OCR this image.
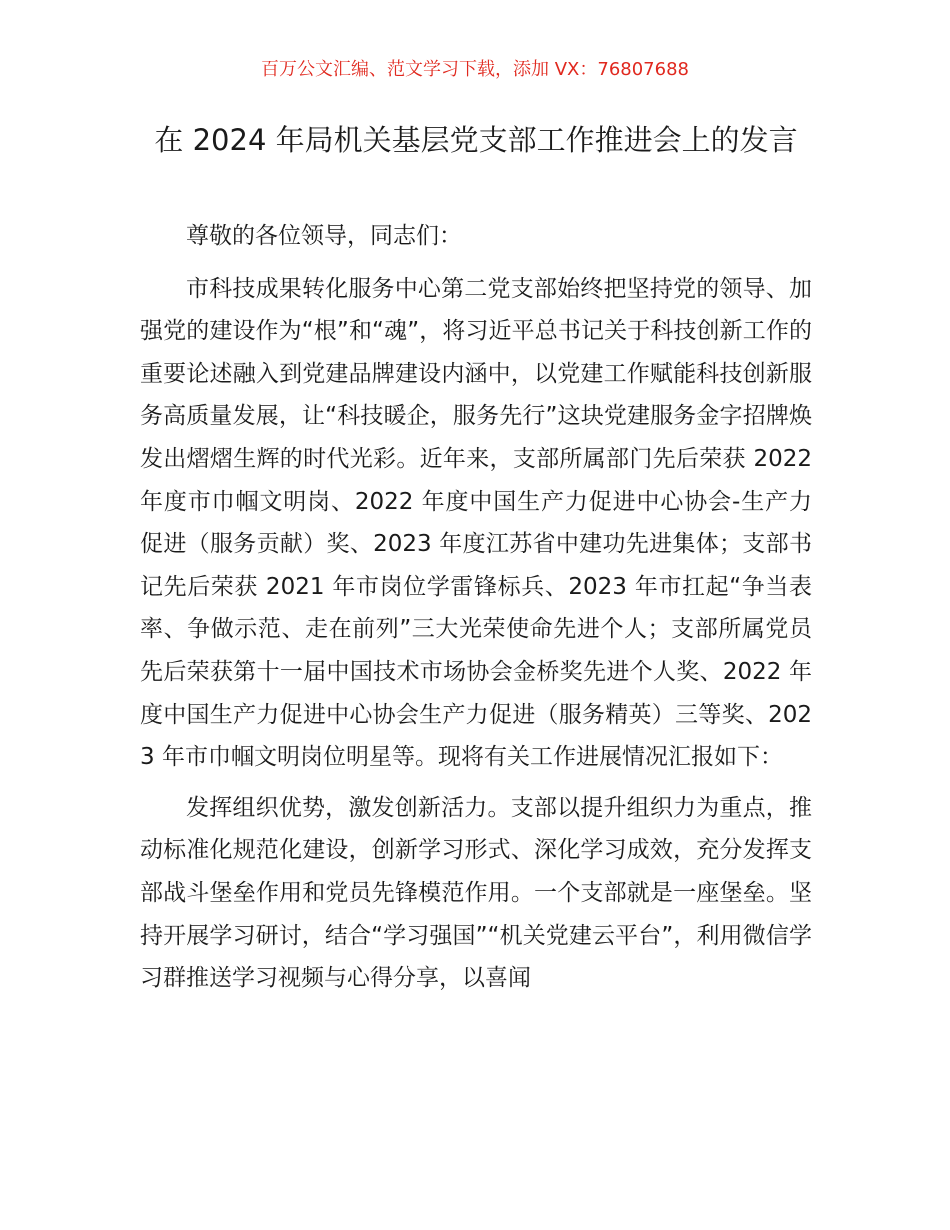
百万公文汇编、范文学习下载，添加 VX：76807688
在 2024 年局机关基层党支部工作推进会上的发言

尊敬的各位领导，同志们：

市科技成果转化服务中心第二党支部始终把坚持党的领导、加强党的建设作为“根”和“魂”，将习近平总书记关于科技创新工作的重要论述融入到党建品牌建设内涵中，以党建工作赋能科技创新服务高质量发展，让“科技暖企，服务先行”这块党建服务金字招牌焕发出熠熠生辉的时代光彩。近年来，支部所属部门先后荣获 2022 年度市巾帼文明岗、2022 年度中国生产力促进中心协会-生产力促进（服务贡献）奖、2023 年度江苏省中建功先进集体；支部书记先后荣获 2021 年市岗位学雷锋标兵、2023 年市扛起“争当表率、争做示范、走在前列”三大光荣使命先进个人；支部所属党员先后荣获第十一届中国技术市场协会金桥奖先进个人奖、2022 年度中国生产力促进中心协会生产力促进（服务精英）三等奖、2023 年市巾帼文明岗位明星等。现将有关工作进展情况汇报如下：

发挥组织优势，激发创新活力。支部以提升组织力为重点，推动标准化规范化建设，创新学习形式、深化学习成效，充分发挥支部战斗堡垒作用和党员先锋模范作用。一个支部就是一座堡垒。坚持开展学习研讨，结合“学习强国”“机关党建云平台”，利用微信学习群推送学习视频与心得分享，以喜闻
